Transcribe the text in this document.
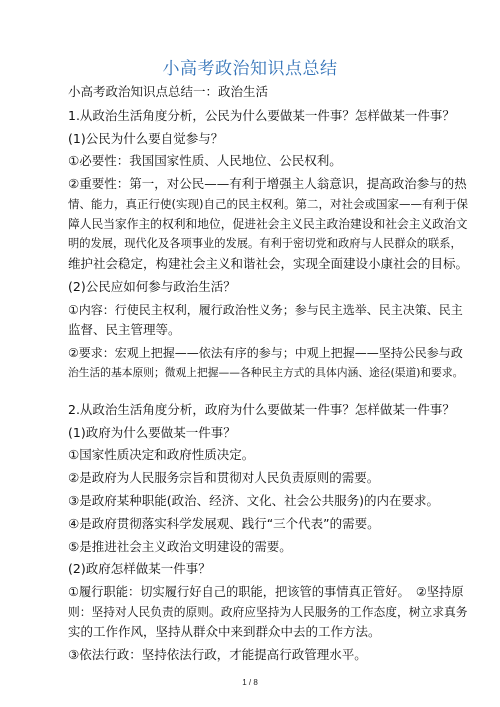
小高考政治知识点总结
小高考政治知识点总结一：政治生活
1.从政治生活角度分析，公民为什么要做某一件事？怎样做某一件事？
(1)公民为什么要自觉参与？
①必要性：我国国家性质、人民地位、公民权利。
②重要性：第一，对公民——有利于增强主人翁意识，提高政治参与的热
情、能力，真正行使(实现)自己的民主权利。第二，对社会或国家——有利于保
障人民当家作主的权利和地位，促进社会主义民主政治建设和社会主义政治文
明的发展，现代化及各项事业的发展。有利于密切党和政府与人民群众的联系，
维护社会稳定，构建社会主义和谐社会，实现全面建设小康社会的目标。
(2)公民应如何参与政治生活？
①内容：行使民主权利，履行政治性义务；参与民主选举、民主决策、民主
监督、民主管理等。
②要求：宏观上把握——依法有序的参与；中观上把握——坚持公民参与政
治生活的基本原则；微观上把握——各种民主方式的具体内涵、途径(渠道)和要求。
2.从政治生活角度分析，政府为什么要做某一件事？怎样做某一件事？
(1)政府为什么要做某一件事？
①国家性质决定和政府性质决定。
②是政府为人民服务宗旨和贯彻对人民负责原则的需要。
③是政府某种职能(政治、经济、文化、社会公共服务)的内在要求。
④是政府贯彻落实科学发展观、践行“三个代表”的需要。
⑤是推进社会主义政治文明建设的需要。
(2)政府怎样做某一件事？
①履行职能：切实履行好自己的职能，把该管的事情真正管好。　②坚持原
则：坚持对人民负责的原则。政府应坚持为人民服务的工作态度，树立求真务
实的工作作风，坚持从群众中来到群众中去的工作方法。
③依法行政：坚持依法行政，才能提高行政管理水平。
1 / 8
